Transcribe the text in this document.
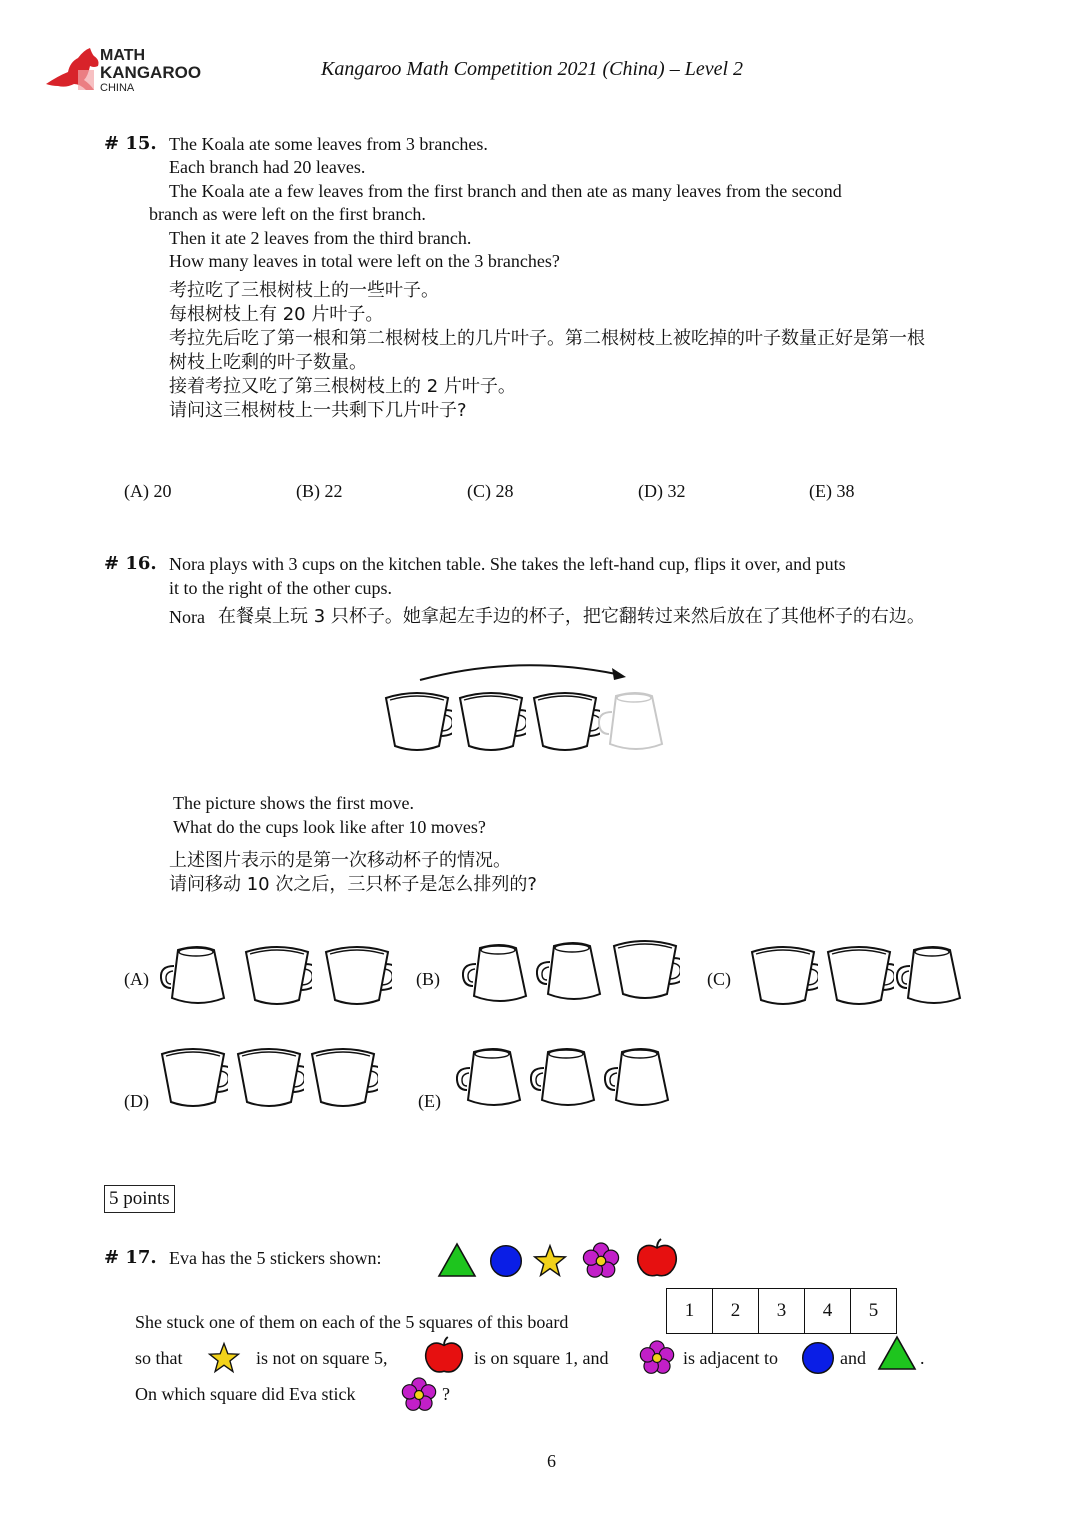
MATH
KANGAROO
CHINA
Kangaroo Math Competition 2021 (China) – Level 2
# 15. The Koala ate some leaves from 3 branches.
Each branch had 20 leaves.
The Koala ate a few leaves from the first branch and then ate as many leaves from the second
branch as were left on the first branch.
Then it ate 2 leaves from the third branch.
How many leaves in total were left on the 3 branches?
考拉吃了三根树枝上的一些叶子。
每根树枝上有 20 片叶子。
考拉先后吃了第一根和第二根树枝上的几片叶子。第二根树枝上被吃掉的叶子数量正好是第一根
树枝上吃剩的叶子数量。
接着考拉又吃了第三根树枝上的 2 片叶子。
请问这三根树枝上一共剩下几片叶子?
(A) 20	(B) 22	(C) 28	(D) 32	(E) 38
# 16. Nora plays with 3 cups on the kitchen table. She takes the left-hand cup, flips it over, and puts
it to the right of the other cups.
Nora 在餐桌上玩 3 只杯子。她拿起左手边的杯子，把它翻转过来然后放在了其他杯子的右边。
The picture shows the first move.
What do the cups look like after 10 moves?
上述图片表示的是第一次移动杯子的情况。
请问移动 10 次之后，三只杯子是怎么排列的?
(A)	(B)	(C)
(D)	(E)
5 points
# 17. Eva has the 5 stickers shown:
She stuck one of them on each of the 5 squares of this board
1	2	3	4	5
so that	is not on square 5,	is on square 1, and	is adjacent to	and	.
On which square did Eva stick	?
6
